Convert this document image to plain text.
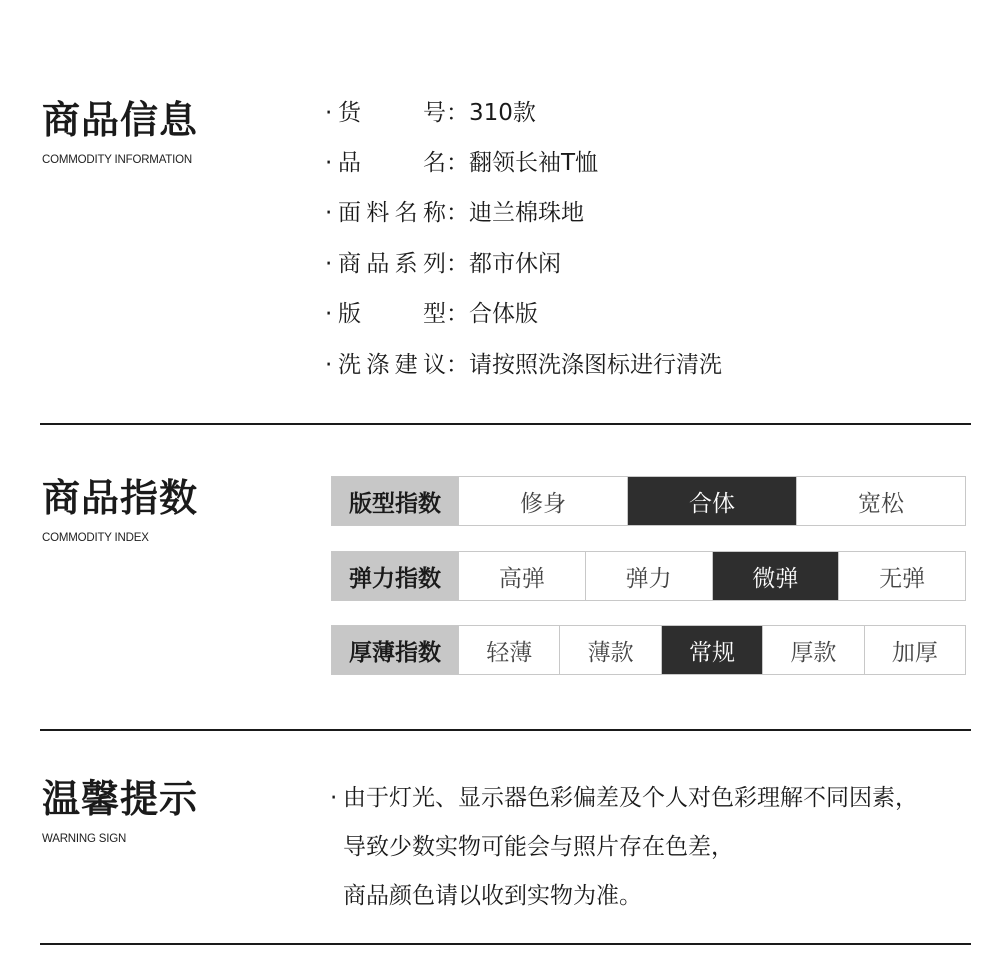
商品信息
COMMODITY INFORMATION
· 货 号：310款
· 品 名：翻领长袖T恤
· 面料名称：迪兰棉珠地
· 商品系列：都市休闲
· 版 型：合体版
· 洗涤建议：请按照洗涤图标进行清洗
商品指数
COMMODITY INDEX
版型指数	修身	合体	宽松
弹力指数	高弹	弹力	微弹	无弹
厚薄指数	轻薄	薄款	常规	厚款	加厚
温馨提示
WARNING SIGN
· 由于灯光、显示器色彩偏差及个人对色彩理解不同因素，
导致少数实物可能会与照片存在色差，
商品颜色请以收到实物为准。
